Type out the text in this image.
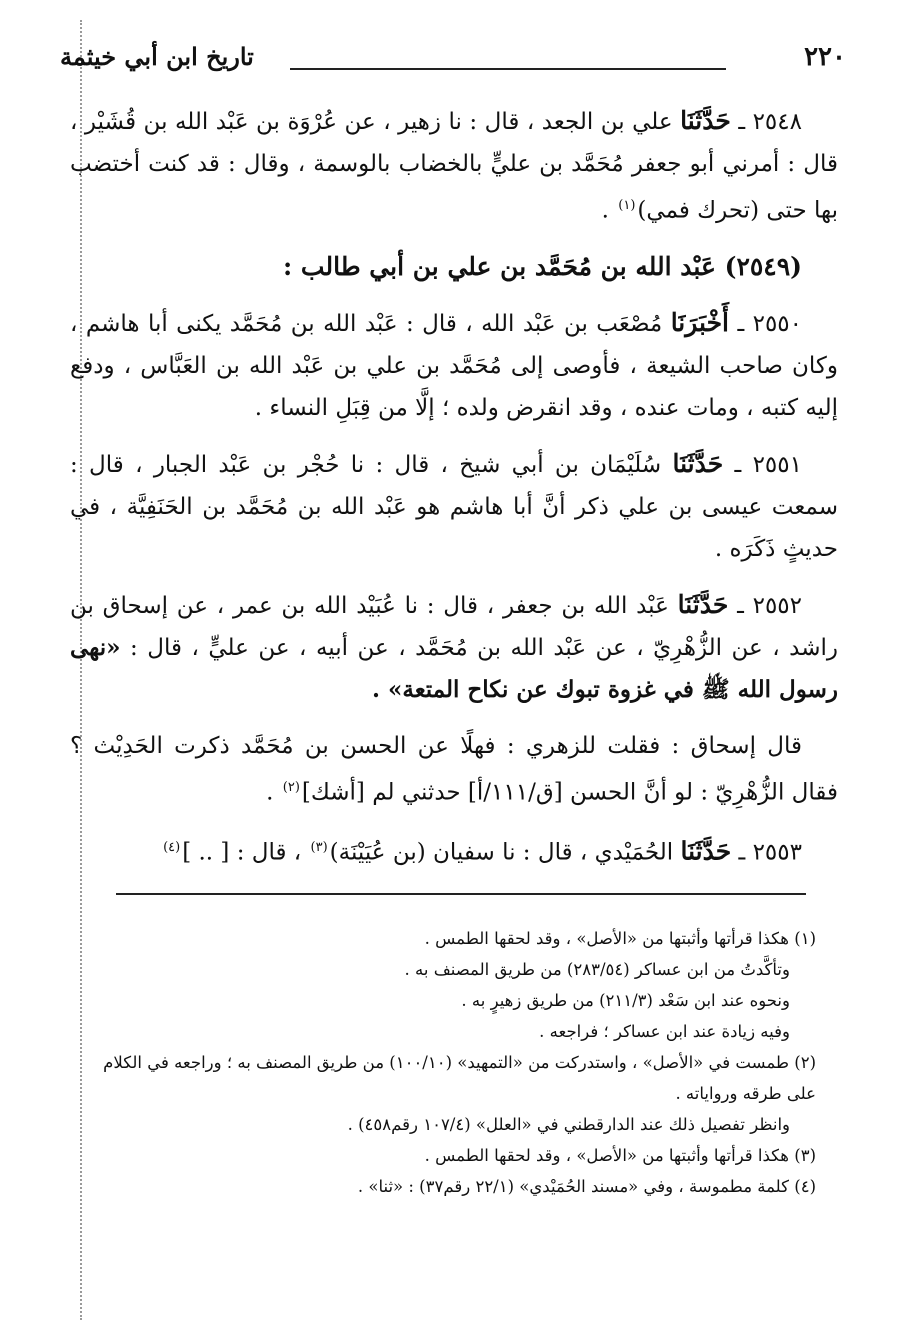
٢٢٠
تاريخ ابن أبي خيثمة

٢٥٤٨ ـ حَدَّثَنَا علي بن الجعد ، قال : نا زهير ، عن عُرْوَة بن عَبْد الله بن قُشَيْر ، قال : أمرني أبو جعفر مُحَمَّد بن عليٍّ بالخضاب بالوسمة ، وقال : قد كنت أختضب بها حتى (تحرك فمي)$^{(١)}$ .

(٢٥٤٩) عَبْد الله بن مُحَمَّد بن علي بن أبي طالب :

٢٥٥٠ ـ أَخْبَرَنَا مُصْعَب بن عَبْد الله ، قال : عَبْد الله بن مُحَمَّد يكنى أبا هاشم ، وكان صاحب الشيعة ، فأوصى إلى مُحَمَّد بن علي بن عَبْد الله بن العَبَّاس ، ودفع إليه كتبه ، ومات عنده ، وقد انقرض ولده ؛ إلَّا من قِبَلِ النساء .

٢٥٥١ ـ حَدَّثَنَا سُلَيْمَان بن أبي شيخ ، قال : نا حُجْر بن عَبْد الجبار ، قال : سمعت عيسى بن علي ذكر أنَّ أبا هاشم هو عَبْد الله بن مُحَمَّد بن الحَنَفِيَّة ، في حديثٍ ذَكَرَه .

٢٥٥٢ ـ حَدَّثَنَا عَبْد الله بن جعفر ، قال : نا عُبَيْد الله بن عمر ، عن إسحاق بن راشد ، عن الزُّهْرِيّ ، عن عَبْد الله بن مُحَمَّد ، عن أبيه ، عن عليٍّ ، قال : «نهى رسول الله ﷺ في غزوة تبوك عن نكاح المتعة» .

قال إسحاق : فقلت للزهري : فهلًا عن الحسن بن مُحَمَّد ذكرت الحَدِيْث ؟ فقال الزُّهْرِيّ : لو أنَّ الحسن [ق/١١١/أ] حدثني لم [أشك]$^{(٢)}$ .

٢٥٥٣ ـ حَدَّثَنَا الحُمَيْدي ، قال : نا سفيان (بن عُيَيْنَة)$^{(٣)}$ ، قال : [ .. ]$^{(٤)}$

(١) هكذا قرأتها وأثبتها من «الأصل» ، وقد لحقها الطمس .

وتأكَّدتُ من ابن عساكر (٢٨٣/٥٤) من طريق المصنف به .

ونحوه عند ابن سَعْد (٢١١/٣) من طريق زهيرٍ به .

وفيه زيادة عند ابن عساكر ؛ فراجعه .

(٢) طمست في «الأصل» ، واستدركت من «التمهيد» (١٠٠/١٠) من طريق المصنف به ؛ وراجعه في الكلام على طرقه ورواياته .

وانظر تفصيل ذلك عند الدارقطني في «العلل» (١٠٧/٤ رقم٤٥٨) .

(٣) هكذا قرأتها وأثبتها من «الأصل» ، وقد لحقها الطمس .

(٤) كلمة مطموسة ، وفي «مسند الحُمَيْدي» (٢٢/١ رقم٣٧) : «ثنا» .
